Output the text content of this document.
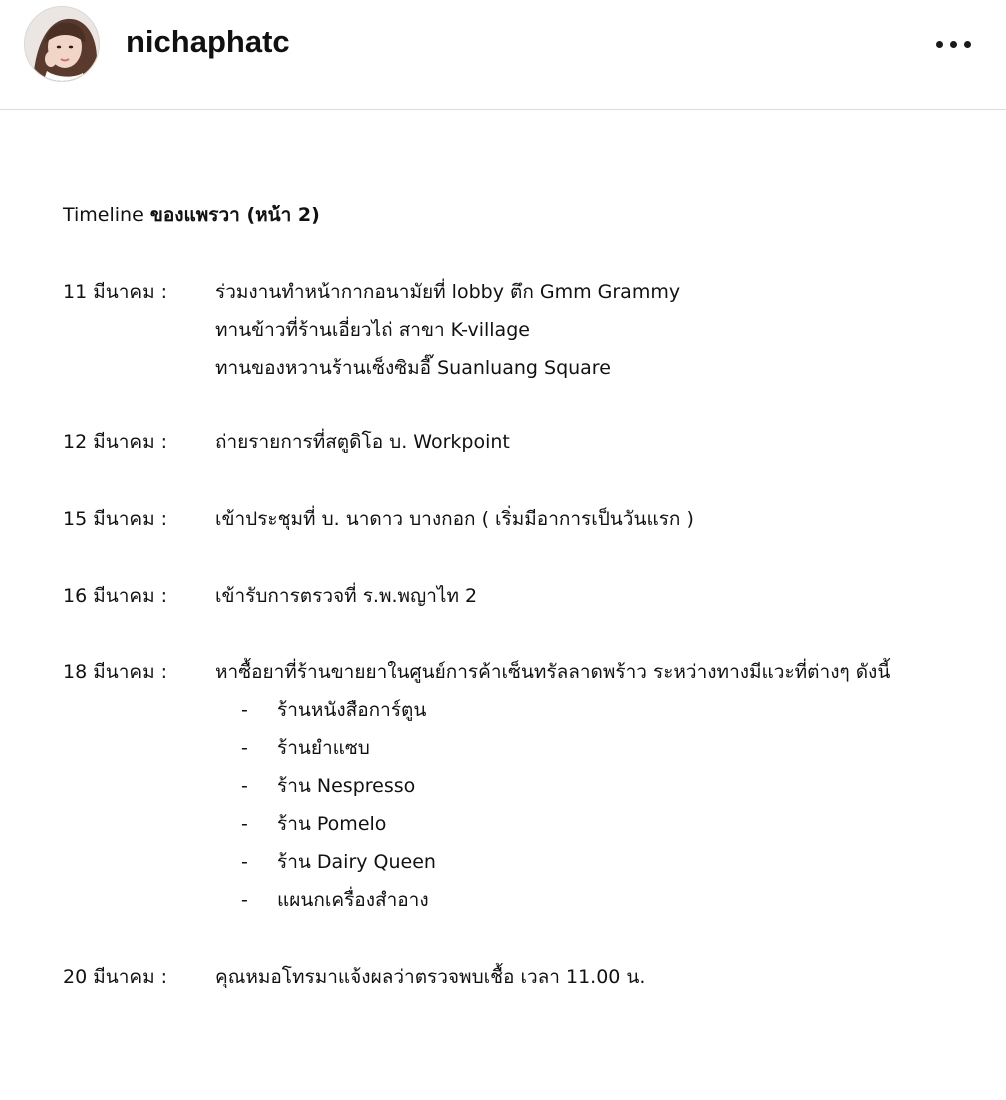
nichaphatc
Timeline ของแพรวา (หน้า 2)
11 มีนาคม :	ร่วมงานทำหน้ากากอนามัยที่ lobby ตึก Gmm Grammy
ทานข้าวที่ร้านเอี่ยวไถ่ สาขา K-village
ทานของหวานร้านเซ็งซิมอี๊ Suanluang Square
12 มีนาคม :	ถ่ายรายการที่สตูดิโอ บ. Workpoint
15 มีนาคม :	เข้าประชุมที่ บ. นาดาว บางกอก ( เริ่มมีอาการเป็นวันแรก )
16 มีนาคม :	เข้ารับการตรวจที่ ร.พ.พญาไท 2
18 มีนาคม :	หาซื้อยาที่ร้านขายยาในศูนย์การค้าเซ็นทรัลลาดพร้าว ระหว่างทางมีแวะที่ต่างๆ ดังนี้
- ร้านหนังสือการ์ตูน
- ร้านยำแซบ
- ร้าน Nespresso
- ร้าน Pomelo
- ร้าน Dairy Queen
- แผนกเครื่องสำอาง
20 มีนาคม :	คุณหมอโทรมาแจ้งผลว่าตรวจพบเชื้อ เวลา 11.00 น.
